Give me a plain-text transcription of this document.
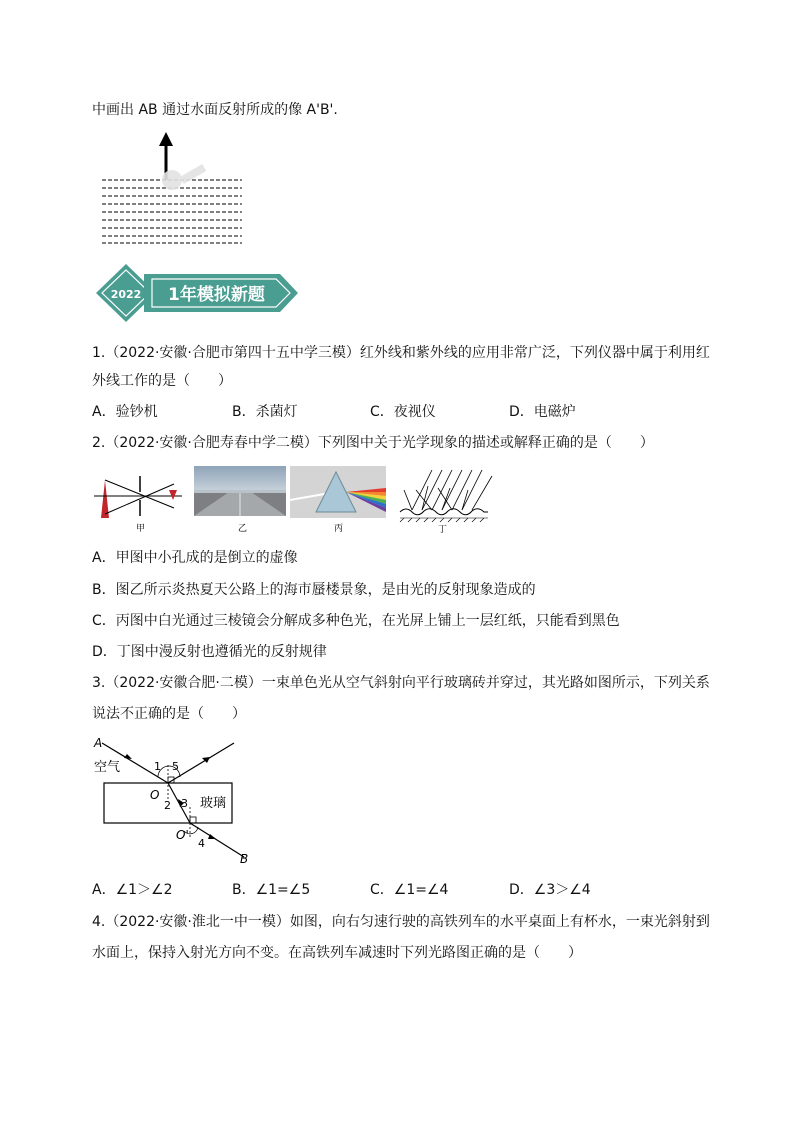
中画出 AB 通过水面反射所成的像 A'B'.
2022 1年模拟新题
1.（2022·安徽·合肥市第四十五中学三模）红外线和紫外线的应用非常广泛，下列仪器中属于利用红
外线工作的是（　　）
A．验钞机	B．杀菌灯	C．夜视仪	D．电磁炉
2.（2022·安徽·合肥寿春中学二模）下列图中关于光学现象的描述或解释正确的是（　　）
甲	乙	丙	丁
A．甲图中小孔成的是倒立的虚像
B．图乙所示炎热夏天公路上的海市蜃楼景象，是由光的反射现象造成的
C．丙图中白光通过三棱镜会分解成多种色光，在光屏上铺上一层红纸，只能看到黑色
D．丁图中漫反射也遵循光的反射规律
3.（2022·安徽合肥·二模）一束单色光从空气斜射向平行玻璃砖并穿过，其光路如图所示，下列关系
说法不正确的是（　　）
A
空气	1 5
O
2 3 玻璃
O'
4
B
A．∠1＞∠2	B．∠1=∠5	C．∠1=∠4	D．∠3＞∠4
4.（2022·安徽·淮北一中一模）如图，向右匀速行驶的高铁列车的水平桌面上有杯水，一束光斜射到
水面上，保持入射光方向不变。在高铁列车减速时下列光路图正确的是（　　）
